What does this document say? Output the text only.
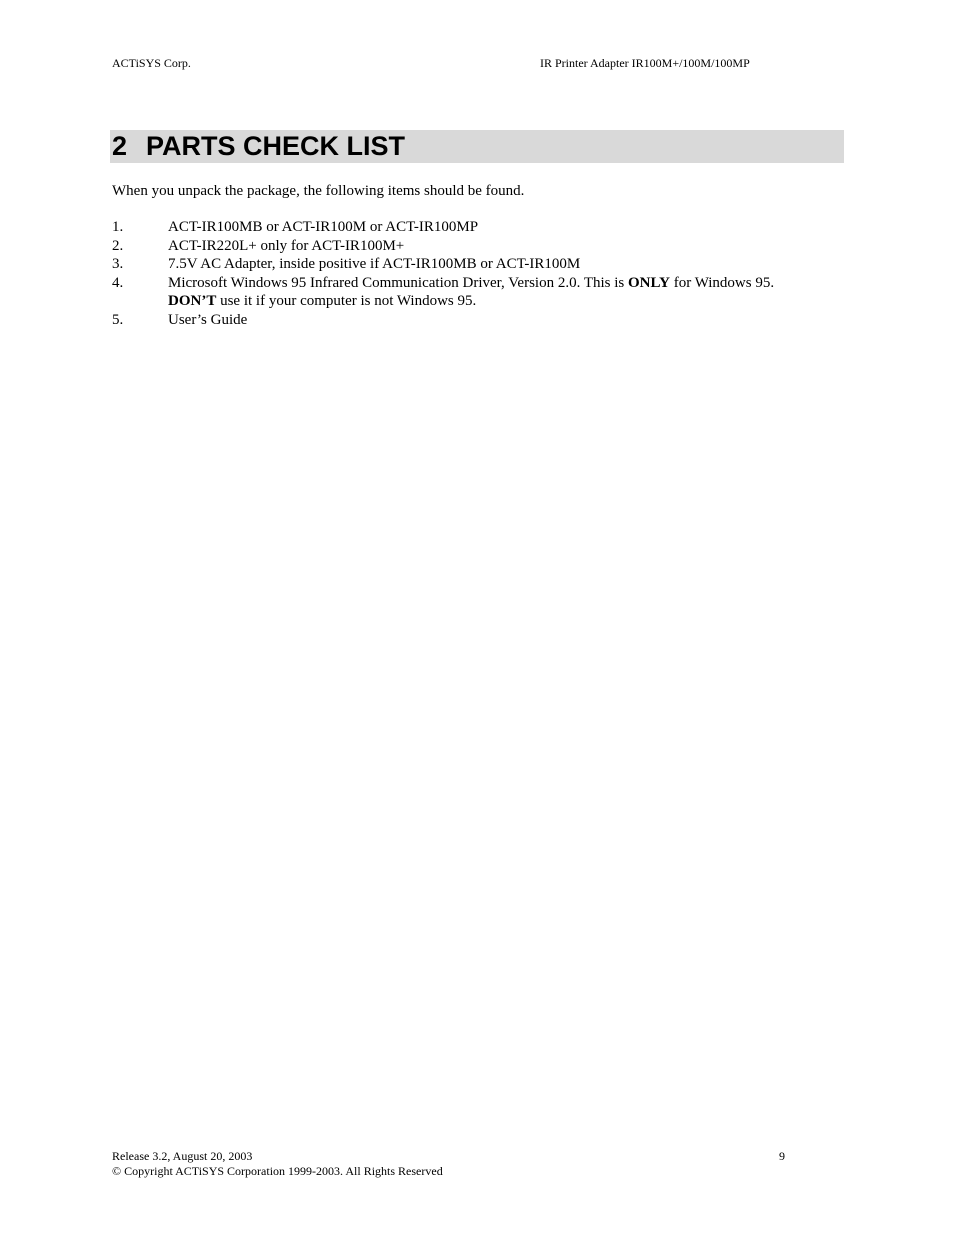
ACTiSYS Corp.	IR Printer Adapter IR100M+/100M/100MP
2 PARTS CHECK LIST
When you unpack the package, the following items should be found.
1.	ACT-IR100MB or ACT-IR100M or ACT-IR100MP
2.	ACT-IR220L+ only for ACT-IR100M+
3.	7.5V AC Adapter, inside positive if ACT-IR100MB or ACT-IR100M
4.	Microsoft Windows 95 Infrared Communication Driver, Version 2.0. This is ONLY for Windows 95.
DON’T use it if your computer is not Windows 95.
5.	User’s Guide
Release 3.2, August 20, 2003
© Copyright ACTiSYS Corporation 1999-2003. All Rights Reserved
9
